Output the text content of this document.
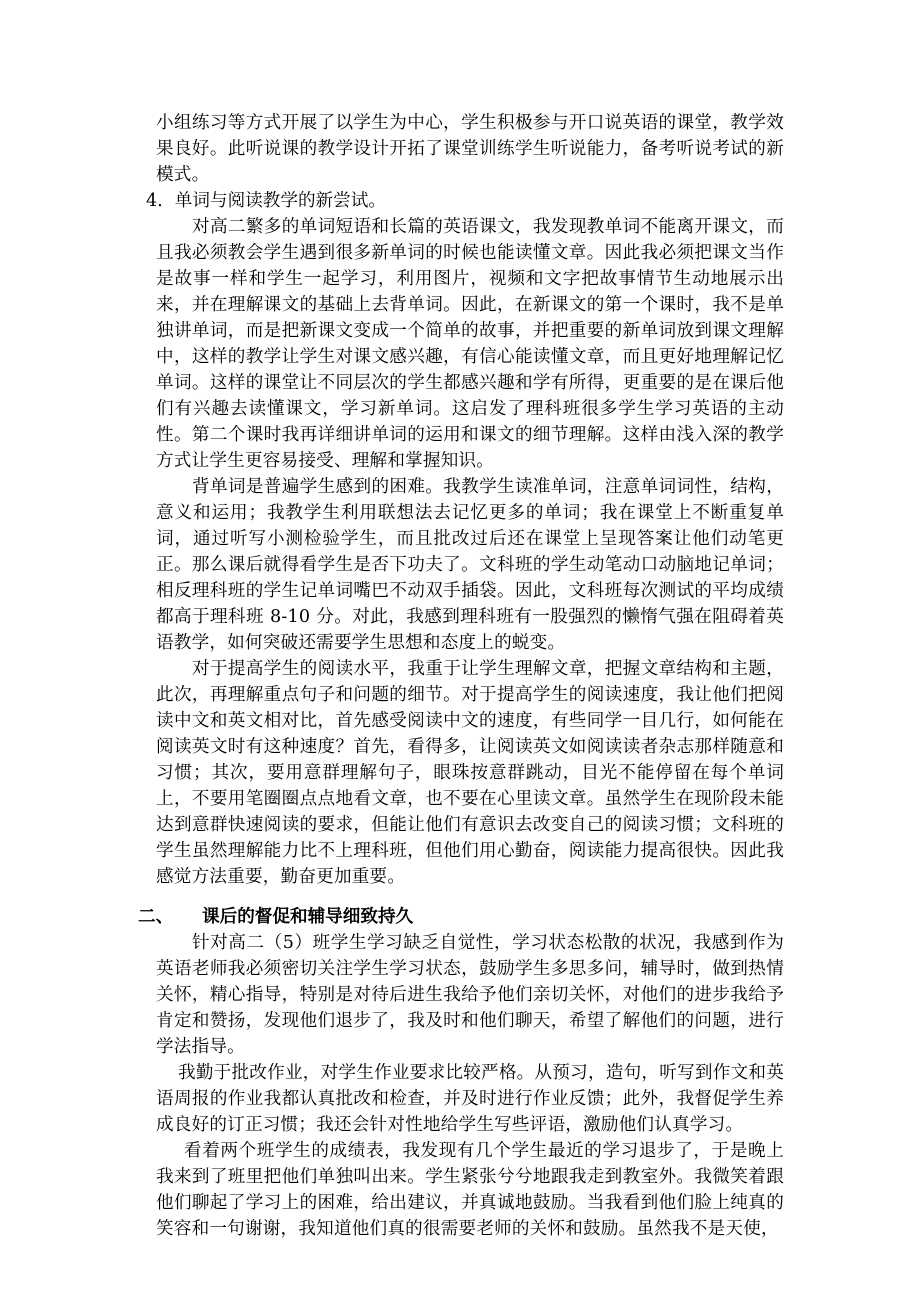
小组练习等方式开展了以学生为中心，学生积极参与开口说英语的课堂，教学效果良好。此听说课的教学设计开拓了课堂训练学生听说能力，备考听说考试的新模式。

4．单词与阅读教学的新尝试。

对高二繁多的单词短语和长篇的英语课文，我发现教单词不能离开课文，而且我必须教会学生遇到很多新单词的时候也能读懂文章。因此我必须把课文当作是故事一样和学生一起学习，利用图片，视频和文字把故事情节生动地展示出来，并在理解课文的基础上去背单词。因此，在新课文的第一个课时，我不是单独讲单词，而是把新课文变成一个简单的故事，并把重要的新单词放到课文理解中，这样的教学让学生对课文感兴趣，有信心能读懂文章，而且更好地理解记忆单词。这样的课堂让不同层次的学生都感兴趣和学有所得，更重要的是在课后他们有兴趣去读懂课文，学习新单词。这启发了理科班很多学生学习英语的主动性。第二个课时我再详细讲单词的运用和课文的细节理解。这样由浅入深的教学方式让学生更容易接受、理解和掌握知识。

背单词是普遍学生感到的困难。我教学生读准单词，注意单词词性，结构，意义和运用；我教学生利用联想法去记忆更多的单词；我在课堂上不断重复单词，通过听写小测检验学生，而且批改过后还在课堂上呈现答案让他们动笔更正。那么课后就得看学生是否下功夫了。文科班的学生动笔动口动脑地记单词；相反理科班的学生记单词嘴巴不动双手插袋。因此，文科班每次测试的平均成绩都高于理科班 8-10 分。对此，我感到理科班有一股强烈的懒惰气强在阻碍着英语教学，如何突破还需要学生思想和态度上的蜕变。

对于提高学生的阅读水平，我重于让学生理解文章，把握文章结构和主题，此次，再理解重点句子和问题的细节。对于提高学生的阅读速度，我让他们把阅读中文和英文相对比，首先感受阅读中文的速度，有些同学一目几行，如何能在阅读英文时有这种速度？首先，看得多，让阅读英文如阅读读者杂志那样随意和习惯；其次，要用意群理解句子，眼珠按意群跳动，目光不能停留在每个单词上，不要用笔圈圈点点地看文章，也不要在心里读文章。虽然学生在现阶段未能达到意群快速阅读的要求，但能让他们有意识去改变自己的阅读习惯；文科班的学生虽然理解能力比不上理科班，但他们用心勤奋，阅读能力提高很快。因此我感觉方法重要，勤奋更加重要。

二、	课后的督促和辅导细致持久

针对高二（5）班学生学习缺乏自觉性，学习状态松散的状况，我感到作为英语老师我必须密切关注学生学习状态，鼓励学生多思多问，辅导时，做到热情关怀，精心指导，特别是对待后进生我给予他们亲切关怀，对他们的进步我给予肯定和赞扬，发现他们退步了，我及时和他们聊天，希望了解他们的问题，进行学法指导。

我勤于批改作业，对学生作业要求比较严格。从预习，造句，听写到作文和英语周报的作业我都认真批改和检查，并及时进行作业反馈；此外，我督促学生养成良好的订正习惯；我还会针对性地给学生写些评语，激励他们认真学习。

看着两个班学生的成绩表，我发现有几个学生最近的学习退步了，于是晚上我来到了班里把他们单独叫出来。学生紧张兮兮地跟我走到教室外。我微笑着跟他们聊起了学习上的困难，给出建议，并真诚地鼓励。当我看到他们脸上纯真的笑容和一句谢谢，我知道他们真的很需要老师的关怀和鼓励。虽然我不是天使，
